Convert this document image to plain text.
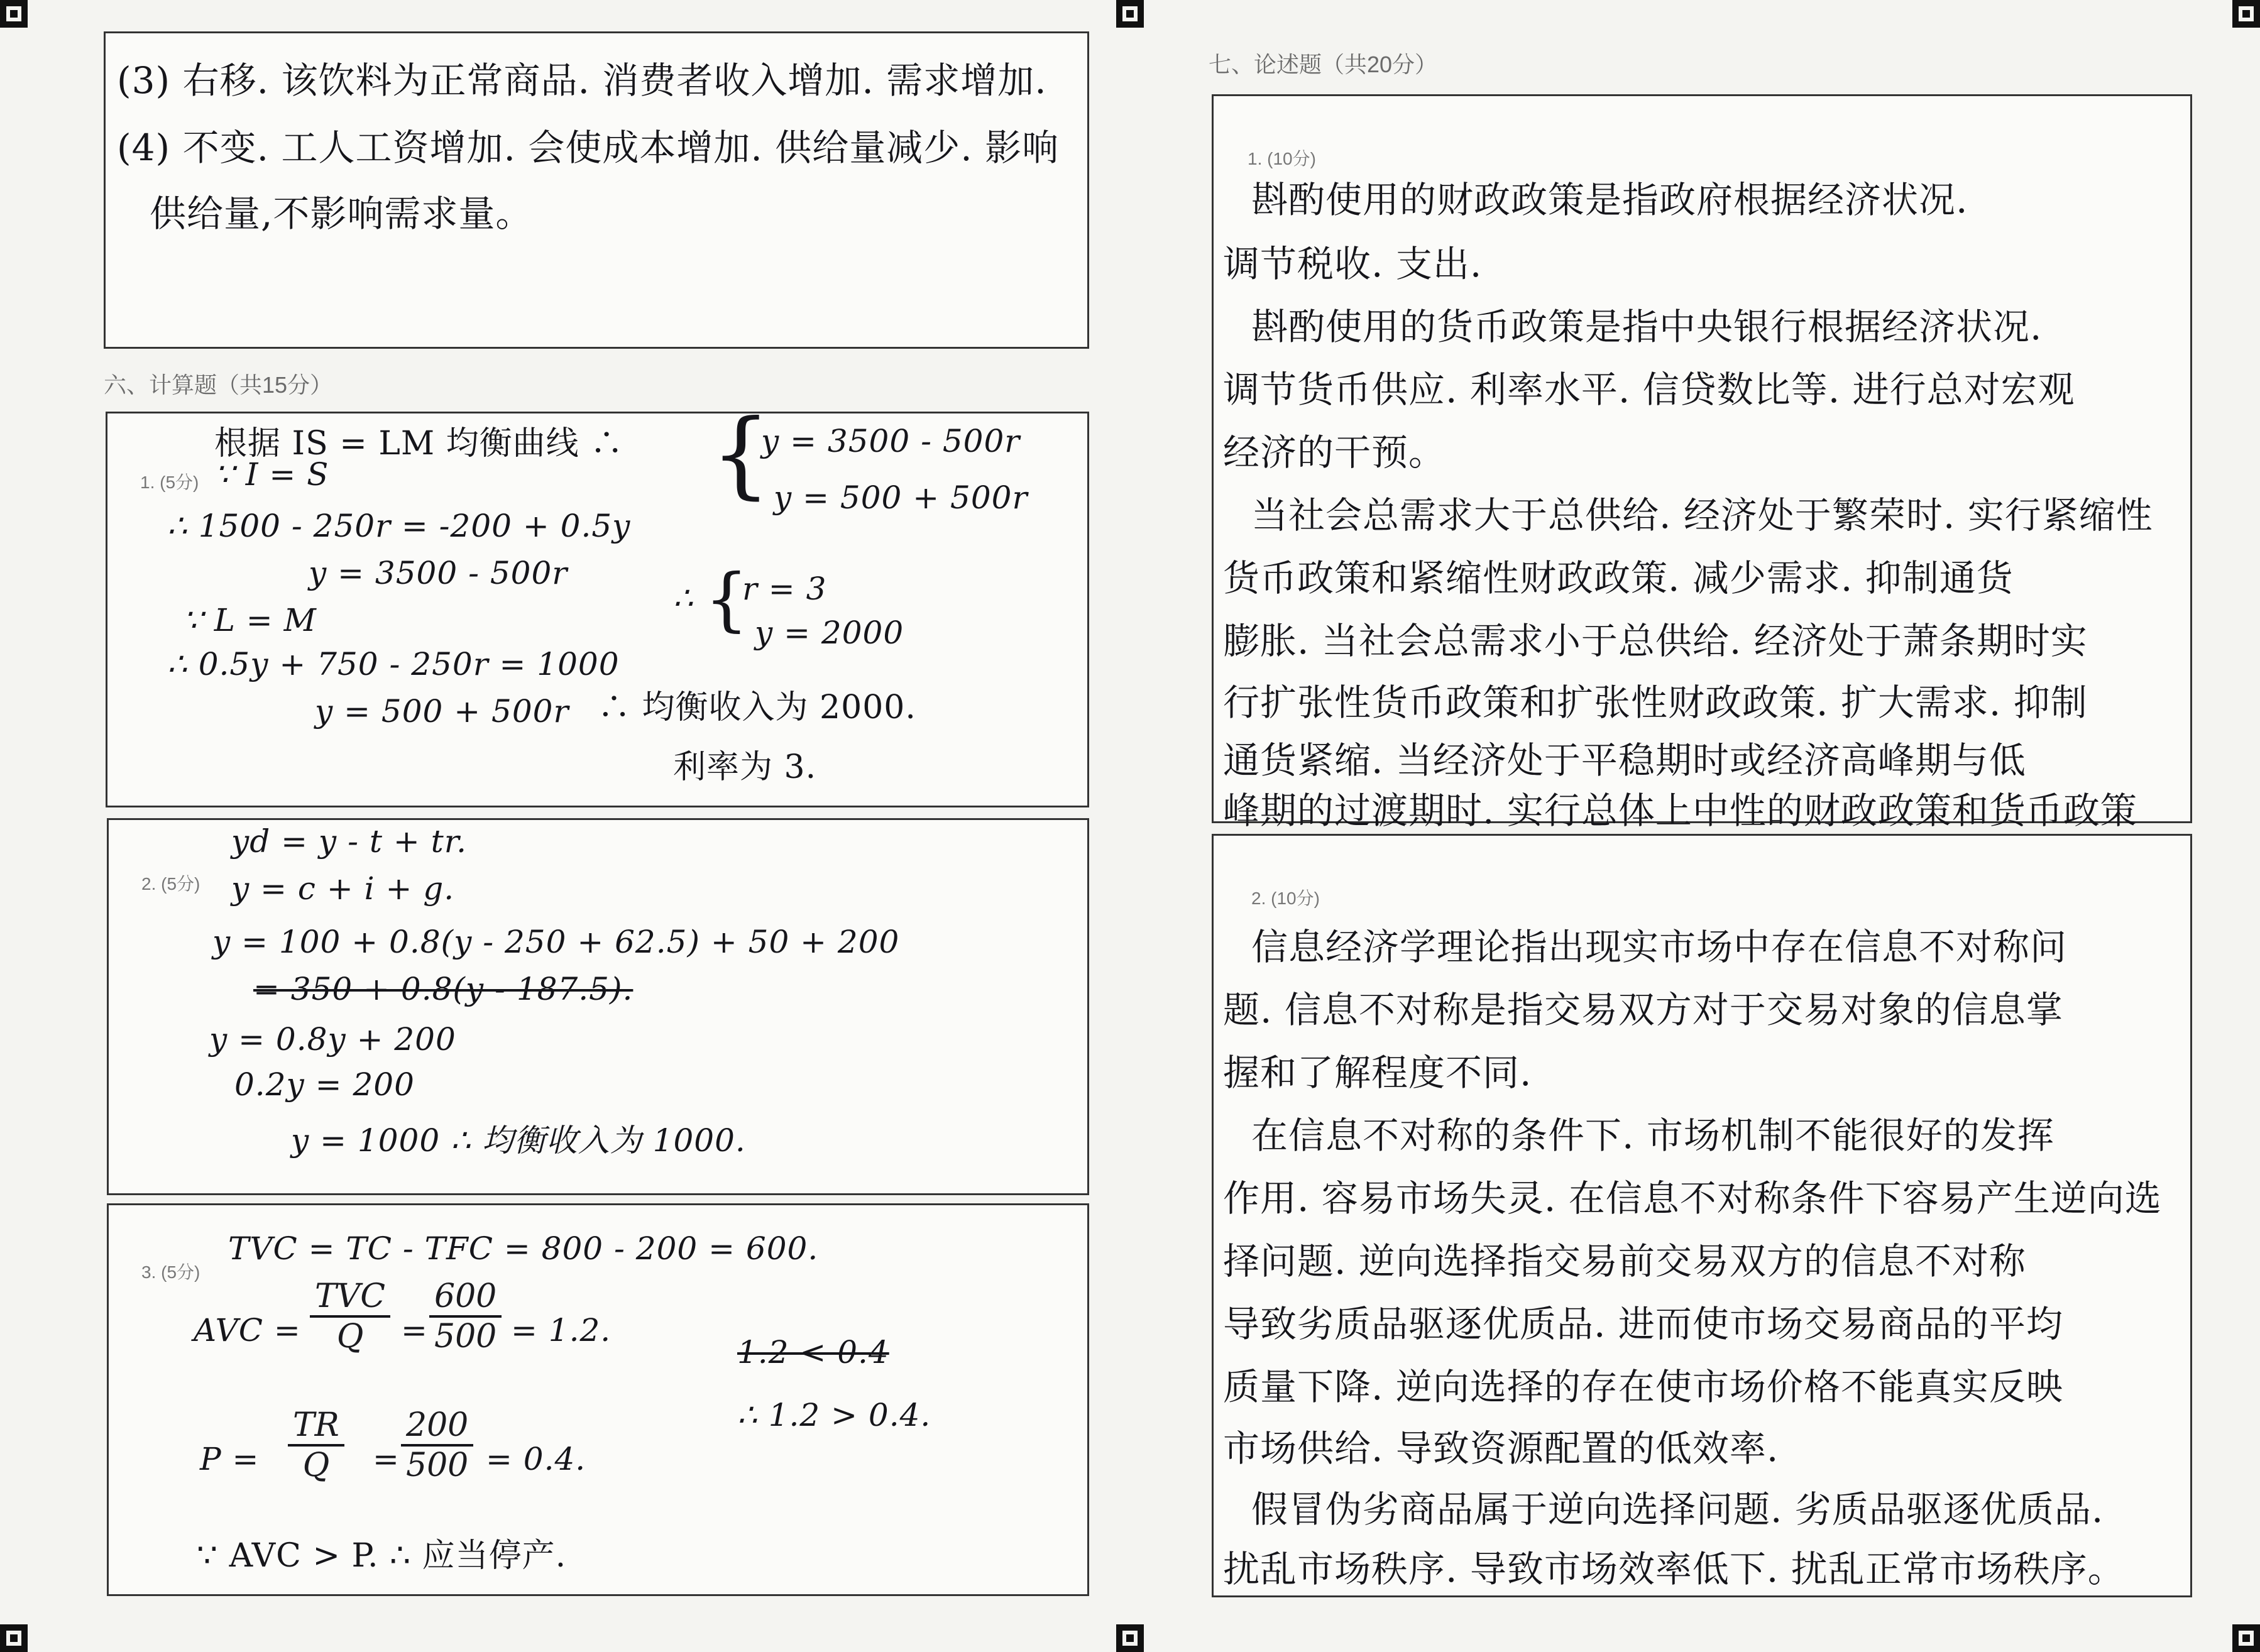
(3) 右移. 该饮料为正常商品. 消费者收入增加. 需求增加.
(4) 不变. 工人工资增加. 会使成本增加. 供给量减少. 影响
供给量,不影响需求量。
六、计算题（共15分）
1. (5分)
根据 IS = LM 均衡曲线 ∴
∵ I = S
∴ 1500 - 250r = -200 + 0.5y
y = 3500 - 500r
∵ L = M
∴ 0.5y + 750 - 250r = 1000
y = 500 + 500r
{
y = 3500 - 500r
y = 500 + 500r
∴ {
r = 3
y = 2000
∴ 均衡收入为 2000.
利率为 3.
2. (5分)
yd = y - t + tr.
y = c + i + g.
y = 100 + 0.8(y - 250 + 62.5) + 50 + 200
= 350 + 0.8(y - 187.5).
y = 0.8y + 200
0.2y = 200
y = 1000 ∴ 均衡收入为 1000.
3. (5分)
TVC = TC - TFC = 800 - 200 = 600.
AVC =
TVC
Q	= $\frac{600}{500} = 1.2$.
1.2 < 0.4
$P = \frac{TR}{Q} = \frac{200}{500} = 0.4$.
∴ 1.2 > 0.4.
∵ AVC > P. ∴ 应当停产.
七、论述题（共20分）
1. (10分)
斟酌使用的财政政策是指政府根据经济状况.
调节税收. 支出.
斟酌使用的货币政策是指中央银行根据经济状况.
调节货币供应. 利率水平. 信贷数比等. 进行总对宏观
经济的干预。
当社会总需求大于总供给. 经济处于繁荣时. 实行紧缩性
货币政策和紧缩性财政政策. 减少需求. 抑制通货
膨胀. 当社会总需求小于总供给. 经济处于萧条期时实
行扩张性货币政策和扩张性财政政策. 扩大需求. 抑制
通货紧缩. 当经济处于平稳期时或经济高峰期与低
峰期的过渡期时. 实行总体上中性的财政政策和货币政策
2. (10分)
信息经济学理论指出现实市场中存在信息不对称问
题. 信息不对称是指交易双方对于交易对象的信息掌
握和了解程度不同.
在信息不对称的条件下. 市场机制不能很好的发挥
作用. 容易市场失灵. 在信息不对称条件下容易产生逆向选
择问题. 逆向选择指交易前交易双方的信息不对称
导致劣质品驱逐优质品. 进而使市场交易商品的平均
质量下降. 逆向选择的存在使市场价格不能真实反映
市场供给. 导致资源配置的低效率.
假冒伪劣商品属于逆向选择问题. 劣质品驱逐优质品.
扰乱市场秩序. 导致市场效率低下. 扰乱正常市场秩序。
